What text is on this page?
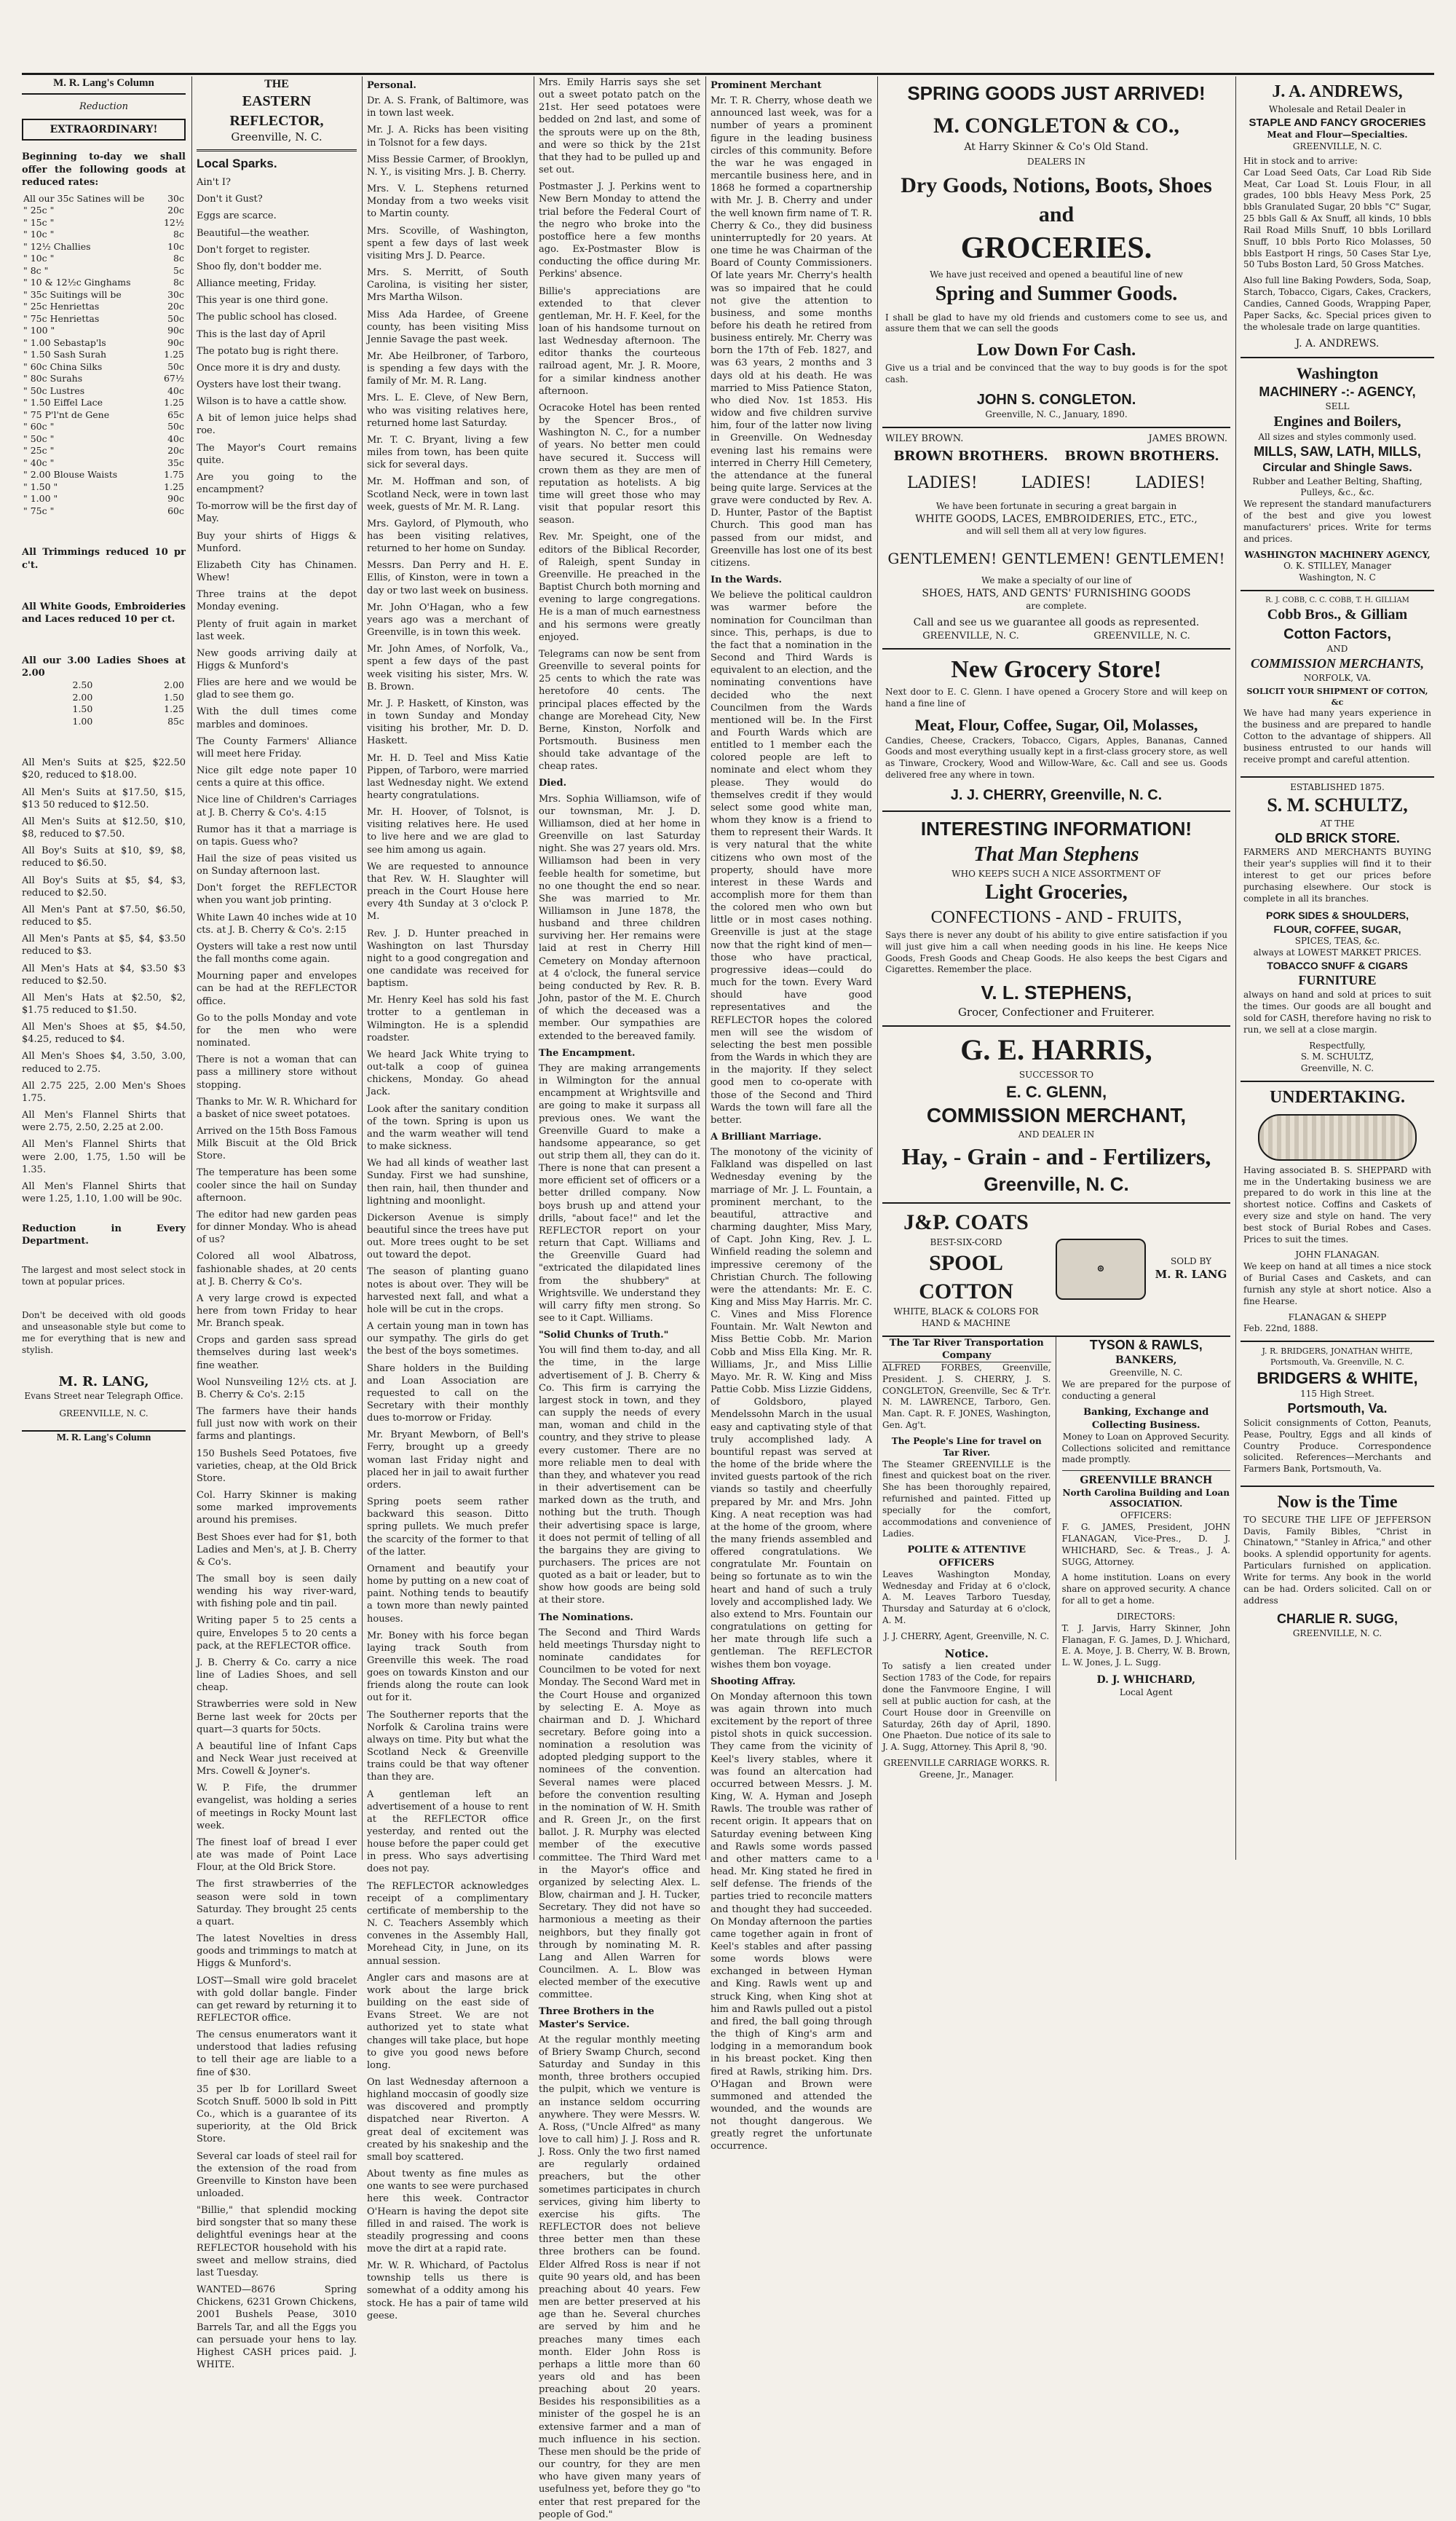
M. R. Lang's Column
Reduction
EXTRAORDINARY!

Beginning to-day we shall offer the following goods at reduced rates:

All our 35c Satines will be	30c
" 25c "	20c
" 15c "	12½
" 10c "	8c
" 12½ Challies	10c
" 10c "	8c
" 8c "	5c
" 10 & 12½c Ginghams	8c
" 35c Suitings will be	30c
" 25c Henriettas	20c
" 75c Henriettas	50c
" 100 "	90c
" 1.00 Sebastap'ls	90c
" 1.50 Sash Surah	1.25
" 60c China Silks	50c
" 80c Surahs	67½
" 50c Lustres	40c
" 1.50 Eiffel Lace	1.25
" 75 P'l'nt de Gene	65c
" 60c "	50c
" 50c "	40c
" 25c "	20c
" 40c "	35c
" 2.00 Blouse Waists	1.75
" 1.50 "	1.25
" 1.00 "	90c
" 75c "	60c

All Trimmings reduced 10 pr c't.

All White Goods, Embroideries and Laces reduced 10 per ct.

All our 3.00 Ladies Shoes at 2.00

2.50	2.00
2.00	1.50
1.50	1.25
1.00	85c

All Men's Suits at $25, $22.50 $20, reduced to $18.00.

All Men's Suits at $17.50, $15, $13 50 reduced to $12.50.

All Men's Suits at $12.50, $10, $8, reduced to $7.50.

All Boy's Suits at $10, $9, $8, reduced to $6.50.

All Boy's Suits at $5, $4, $3, reduced to $2.50.

All Men's Pant at $7.50, $6.50, reduced to $5.

All Men's Pants at $5, $4, $3.50 reduced to $3.

All Men's Hats at $4, $3.50 $3 reduced to $2.50.

All Men's Hats at $2.50, $2, $1.75 reduced to $1.50.

All Men's Shoes at $5, $4.50, $4.25, reduced to $4.

All Men's Shoes $4, 3.50, 3.00, reduced to 2.75.

All 2.75 225, 2.00 Men's Shoes 1.75.

All Men's Flannel Shirts that were 2.75, 2.50, 2.25 at 2.00.

All Men's Flannel Shirts that were 2.00, 1.75, 1.50 will be 1.35.

All Men's Flannel Shirts that were 1.25, 1.10, 1.00 will be 90c.

Reduction in Every Department.

The largest and most select stock in town at popular prices.

Don't be deceived with old goods and unseasonable style but come to me for everything that is new and stylish.

M. R. LANG,
Evans Street near Telegraph Office.
GREENVILLE, N. C.
M. R. Lang's Column
THE
EASTERN REFLECTOR,
Greenville, N. C.
Local Sparks.

Ain't I?

Don't it Gust?

Eggs are scarce.

Beautiful—the weather.

Don't forget to register.

Shoo fly, don't bodder me.

Alliance meeting, Friday.

This year is one third gone.

The public school has closed.

This is the last day of April

The potato bug is right there.

Once more it is dry and dusty.

Oysters have lost their twang.

Wilson is to have a cattle show.

A bit of lemon juice helps shad roe.

The Mayor's Court remains quite.

Are you going to the encampment?

To-morrow will be the first day of May.

Buy your shirts of Higgs & Munford.

Elizabeth City has Chinamen. Whew!

Three trains at the depot Monday evening.

Plenty of fruit again in market last week.

New goods arriving daily at Higgs & Munford's

Flies are here and we would be glad to see them go.

With the dull times come marbles and dominoes.

The County Farmers' Alliance will meet here Friday.

Nice gilt edge note paper 10 cents a quire at this office.

Nice line of Children's Carriages at J. B. Cherry & Co's. 4:15

Rumor has it that a marriage is on tapis. Guess who?

Hail the size of peas visited us on Sunday afternoon last.

Don't forget the REFLECTOR when you want job printing.

White Lawn 40 inches wide at 10 cts. at J. B. Cherry & Co's. 2:15

Oysters will take a rest now until the fall months come again.

Mourning paper and envelopes can be had at the REFLECTOR office.

Go to the polls Monday and vote for the men who were nominated.

There is not a woman that can pass a millinery store without stopping.

Thanks to Mr. W. R. Whichard for a basket of nice sweet potatoes.

Arrived on the 15th Boss Famous Milk Biscuit at the Old Brick Store.

The temperature has been some cooler since the hail on Sunday afternoon.

The editor had new garden peas for dinner Monday. Who is ahead of us?

Colored all wool Albatross, fashionable shades, at 20 cents at J. B. Cherry & Co's.

A very large crowd is expected here from town Friday to hear Mr. Branch speak.

Crops and garden sass spread themselves during last week's fine weather.

Wool Nunsveiling 12½ cts. at J. B. Cherry & Co's. 2:15

The farmers have their hands full just now with work on their farms and plantings.

150 Bushels Seed Potatoes, five varieties, cheap, at the Old Brick Store.

Col. Harry Skinner is making some marked improvements around his premises.

Best Shoes ever had for $1, both Ladies and Men's, at J. B. Cherry & Co's.

The small boy is seen daily wending his way river-ward, with fishing pole and tin pail.

Writing paper 5 to 25 cents a quire, Envelopes 5 to 20 cents a pack, at the REFLECTOR office.

J. B. Cherry & Co. carry a nice line of Ladies Shoes, and sell cheap.

Strawberries were sold in New Berne last week for 20cts per quart—3 quarts for 50cts.

A beautiful line of Infant Caps and Neck Wear just received at Mrs. Cowell & Joyner's.

W. P. Fife, the drummer evangelist, was holding a series of meetings in Rocky Mount last week.

The finest loaf of bread I ever ate was made of Point Lace Flour, at the Old Brick Store.

The first strawberries of the season were sold in town Saturday. They brought 25 cents a quart.

The latest Novelties in dress goods and trimmings to match at Higgs & Munford's.

LOST—Small wire gold bracelet with gold dollar bangle. Finder can get reward by returning it to REFLECTOR office.

The census enumerators want it understood that ladies refusing to tell their age are liable to a fine of $30.

35 per lb for Lorillard Sweet Scotch Snuff. 5000 lb sold in Pitt Co., which is a guarantee of its superiority, at the Old Brick Store.

Several car loads of steel rail for the extension of the road from Greenville to Kinston have been unloaded.

"Billie," that splendid mocking bird songster that so many these delightful evenings hear at the REFLECTOR household with his sweet and mellow strains, died last Tuesday.

WANTED—8676 Spring Chickens, 6231 Grown Chickens, 2001 Bushels Pease, 3010 Barrels Tar, and all the Eggs you can persuade your hens to lay. Highest CASH prices paid. J. WHITE.

Personal.

Dr. A. S. Frank, of Baltimore, was in town last week.

Mr. J. A. Ricks has been visiting in Tolsnot for a few days.

Miss Bessie Carmer, of Brooklyn, N. Y., is visiting Mrs. J. B. Cherry.

Mrs. V. L. Stephens returned Monday from a two weeks visit to Martin county.

Mrs. Scoville, of Washington, spent a few days of last week visiting Mrs J. D. Pearce.

Mrs. S. Merritt, of South Carolina, is visiting her sister, Mrs Martha Wilson.

Miss Ada Hardee, of Greene county, has been visiting Miss Jennie Savage the past week.

Mr. Abe Heilbroner, of Tarboro, is spending a few days with the family of Mr. M. R. Lang.

Mrs. L. E. Cleve, of New Bern, who was visiting relatives here, returned home last Saturday.

Mr. T. C. Bryant, living a few miles from town, has been quite sick for several days.

Mr. M. Hoffman and son, of Scotland Neck, were in town last week, guests of Mr. M. R. Lang.

Mrs. Gaylord, of Plymouth, who has been visiting relatives, returned to her home on Sunday.

Messrs. Dan Perry and H. E. Ellis, of Kinston, were in town a day or two last week on business.

Mr. John O'Hagan, who a few years ago was a merchant of Greenville, is in town this week.

Mr. John Ames, of Norfolk, Va., spent a few days of the past week visiting his sister, Mrs. W. B. Brown.

Mr. J. P. Haskett, of Kinston, was in town Sunday and Monday visiting his brother, Mr. D. D. Haskett.

Mr. H. D. Teel and Miss Katie Pippen, of Tarboro, were married last Wednesday night. We extend hearty congratulations.

Mr. H. Hoover, of Tolsnot, is visiting relatives here. He used to live here and we are glad to see him among us again.

We are requested to announce that Rev. W. H. Slaughter will preach in the Court House here every 4th Sunday at 3 o'clock P. M.

Rev. J. D. Hunter preached in Washington on last Thursday night to a good congregation and one candidate was received for baptism.

Mr. Henry Keel has sold his fast trotter to a gentleman in Wilmington. He is a splendid roadster.

We heard Jack White trying to out-talk a coop of guinea chickens, Monday. Go ahead Jack.

Look after the sanitary condition of the town. Spring is upon us and the warm weather will tend to make sickness.

We had all kinds of weather last Sunday. First we had sunshine, then rain, hail, then thunder and lightning and moonlight.

Dickerson Avenue is simply beautiful since the trees have put out. More trees ought to be set out toward the depot.

The season of planting guano notes is about over. They will be harvested next fall, and what a hole will be cut in the crops.

A certain young man in town has our sympathy. The girls do get the best of the boys sometimes.

Share holders in the Building and Loan Association are requested to call on the Secretary with their monthly dues to-morrow or Friday.

Mr. Bryant Mewborn, of Bell's Ferry, brought up a greedy woman last Friday night and placed her in jail to await further orders.

Spring poets seem rather backward this season. Ditto spring pullets. We much prefer the scarcity of the former to that of the latter.

Ornament and beautify your home by putting on a new coat of paint. Nothing tends to beautify a town more than newly painted houses.

Mr. Boney with his force began laying track South from Greenville this week. The road goes on towards Kinston and our friends along the route can look out for it.

The Southerner reports that the Norfolk & Carolina trains were always on time. Pity but what the Scotland Neck & Greenville trains could be that way oftener than they are.

A gentleman left an advertisement of a house to rent at the REFLECTOR office yesterday, and rented out the house before the paper could get in press. Who says advertising does not pay.

The REFLECTOR acknowledges receipt of a complimentary certificate of membership to the N. C. Teachers Assembly which convenes in the Assembly Hall, Morehead City, in June, on its annual session.

Angler cars and masons are at work about the large brick building on the east side of Evans Street. We are not authorized yet to state what changes will take place, but hope to give you good news before long.

On last Wednesday afternoon a highland moccasin of goodly size was discovered and promptly dispatched near Riverton. A great deal of excitement was created by his snakeship and the small boy scattered.

About twenty as fine mules as one wants to see were purchased here this week. Contractor O'Hearn is having the depot site filled in and raised. The work is steadily progressing and coons move the dirt at a rapid rate.

Mr. W. R. Whichard, of Pactolus township tells us there is somewhat of a oddity among his stock. He has a pair of tame wild geese.

Mrs. Emily Harris says she set out a sweet potato patch on the 21st. Her seed potatoes were bedded on 2nd last, and some of the sprouts were up on the 8th, and were so thick by the 21st that they had to be pulled up and set out.

Postmaster J. J. Perkins went to New Bern Monday to attend the trial before the Federal Court of the negro who broke into the postoffice here a few months ago. Ex-Postmaster Blow is conducting the office during Mr. Perkins' absence.

Billie's appreciations are extended to that clever gentleman, Mr. H. F. Keel, for the loan of his handsome turnout on last Wednesday afternoon. The editor thanks the courteous railroad agent, Mr. J. R. Moore, for a similar kindness another afternoon.

Ocracoke Hotel has been rented by the Spencer Bros., of Washington N. C., for a number of years. No better men could have secured it. Success will crown them as they are men of reputation as hotelists. A big time will greet those who may visit that popular resort this season.

Rev. Mr. Speight, one of the editors of the Biblical Recorder, of Raleigh, spent Sunday in Greenville. He preached in the Baptist Church both morning and evening to large congregations. He is a man of much earnestness and his sermons were greatly enjoyed.

Telegrams can now be sent from Greenville to several points for 25 cents to which the rate was heretofore 40 cents. The principal places effected by the change are Morehead City, New Berne, Kinston, Norfolk and Portsmouth. Business men should take advantage of the cheap rates.

Died.

Mrs. Sophia Williamson, wife of our townsman, Mr. J. D. Williamson, died at her home in Greenville on last Saturday night. She was 27 years old. Mrs. Williamson had been in very feeble health for sometime, but no one thought the end so near. She was married to Mr. Williamson in June 1878, the husband and three children surviving her. Her remains were laid at rest in Cherry Hill Cemetery on Monday afternoon at 4 o'clock, the funeral service being conducted by Rev. R. B. John, pastor of the M. E. Church of which the deceased was a member. Our sympathies are extended to the bereaved family.

The Encampment.

They are making arrangements in Wilmington for the annual encampment at Wrightsville and are going to make it surpass all previous ones. We want the Greenville Guard to make a handsome appearance, so get out strip them all, they can do it. There is none that can present a more efficient set of officers or a better drilled company. Now boys brush up and attend your drills, "about face!" and let the REFLECTOR report on your return that Capt. Williams and the Greenville Guard had "extricated the dilapidated lines from the shubbery" at Wrightsville. We understand they will carry fifty men strong. So see to it Capt. Williams.

"Solid Chunks of Truth."

You will find them to-day, and all the time, in the large advertisement of J. B. Cherry & Co. This firm is carrying the largest stock in town, and they can supply the needs of every man, woman and child in the country, and they strive to please every customer. There are no more reliable men to deal with than they, and whatever you read in their advertisement can be marked down as the truth, and nothing but the truth. Though their advertising space is large, it does not permit of telling of all the bargains they are giving to purchasers. The prices are not quoted as a bait or leader, but to show how goods are being sold at their store.

The Nominations.

The Second and Third Wards held meetings Thursday night to nominate candidates for Councilmen to be voted for next Monday. The Second Ward met in the Court House and organized by selecting E. A. Moye as chairman and D. J. Whichard secretary. Before going into a nomination a resolution was adopted pledging support to the nominees of the convention. Several names were placed before the convention resulting in the nomination of W. H. Smith and R. Green Jr., on the first ballot. J. R. Murphy was elected member of the executive committee. The Third Ward met in the Mayor's office and organized by selecting Alex. L. Blow, chairman and J. H. Tucker, Secretary. They did not have so harmonious a meeting as their neighbors, but they finally got through by nominating M. R. Lang and Allen Warren for Councilmen. A. L. Blow was elected member of the executive committee.

Three Brothers in the Master's Service.

At the regular monthly meeting of Briery Swamp Church, second Saturday and Sunday in this month, three brothers occupied the pulpit, which we venture is an instance seldom occurring anywhere. They were Messrs. W. A. Ross, ("Uncle Alfred" as many love to call him) J. J. Ross and R. J. Ross. Only the two first named are regularly ordained preachers, but the other sometimes participates in church services, giving him liberty to exercise his gifts. The REFLECTOR does not believe three better men than these three brothers can be found. Elder Alfred Ross is near if not quite 90 years old, and has been preaching about 40 years. Few men are better preserved at his age than he. Several churches are served by him and he preaches many times each month. Elder John Ross is perhaps a little more than 60 years old and has been preaching about 20 years. Besides his responsibilities as a minister of the gospel he is an extensive farmer and a man of much influence in his section. These men should be the pride of our country, for they are men who have given many years of usefulness yet, before they go "to enter that rest prepared for the people of God."

Prominent Merchant

Mr. T. R. Cherry, whose death we announced last week, was for a number of years a prominent figure in the leading business circles of this community. Before the war he was engaged in mercantile business here, and in 1868 he formed a copartnership with Mr. J. B. Cherry and under the well known firm name of T. R. Cherry & Co., they did business uninterruptedly for 20 years. At one time he was Chairman of the Board of County Commissioners. Of late years Mr. Cherry's health was so impaired that he could not give the attention to business, and some months before his death he retired from business entirely. Mr. Cherry was born the 17th of Feb. 1827, and was 63 years, 2 months and 3 days old at his death. He was married to Miss Patience Staton, who died Nov. 1st 1853. His widow and five children survive him, four of the latter now living in Greenville. On Wednesday evening last his remains were interred in Cherry Hill Cemetery, the attendance at the funeral being quite large. Services at the grave were conducted by Rev. A. D. Hunter, Pastor of the Baptist Church. This good man has passed from our midst, and Greenville has lost one of its best citizens.

In the Wards.

We believe the political cauldron was warmer before the nomination for Councilman than since. This, perhaps, is due to the fact that a nomination in the Second and Third Wards is equivalent to an election, and the nominating conventions have decided who the next Councilmen from the Wards mentioned will be. In the First and Fourth Wards which are entitled to 1 member each the colored people are left to nominate and elect whom they please. They would do themselves credit if they would select some good white man, whom they know is a friend to them to represent their Wards. It is very natural that the white citizens who own most of the property, should have more interest in these Wards and accomplish more for them than the colored men who own but little or in most cases nothing. Greenville is just at the stage now that the right kind of men—those who have practical, progressive ideas—could do much for the town. Every Ward should have good representatives and the REFLECTOR hopes the colored men will see the wisdom of selecting the best men possible from the Wards in which they are in the majority. If they select good men to co-operate with those of the Second and Third Wards the town will fare all the better.

A Brilliant Marriage.

The monotony of the vicinity of Falkland was dispelled on last Wednesday evening by the marriage of Mr. J. L. Fountain, a prominent merchant, to the beautiful, attractive and charming daughter, Miss Mary, of Capt. John King, Rev. J. L. Winfield reading the solemn and impressive ceremony of the Christian Church. The following were the attendants: Mr. E. C. King and Miss May Harris. Mr. C. C. Vines and Miss Florence Fountain. Mr. Walt Newton and Miss Bettie Cobb. Mr. Marion Cobb and Miss Ella King. Mr. R. Williams, Jr., and Miss Lillie Mayo. Mr. R. W. King and Miss Pattie Cobb. Miss Lizzie Giddens, of Goldsboro, played Mendelssohn March in the usual easy and captivating style of that truly accomplished lady. A bountiful repast was served at the home of the bride where the invited guests partook of the rich viands so tastily and cheerfully prepared by Mr. and Mrs. John King. A neat reception was had at the home of the groom, where the many friends assembled and offered congratulations. We congratulate Mr. Fountain on being so fortunate as to win the heart and hand of such a truly lovely and accomplished lady. We also extend to Mrs. Fountain our congratulations on getting for her mate through life such a gentleman. The REFLECTOR wishes them bon voyage.

Shooting Affray.

On Monday afternoon this town was again thrown into much excitement by the report of three pistol shots in quick succession. They came from the vicinity of Keel's livery stables, where it was found an altercation had occurred between Messrs. J. M. King, W. A. Hyman and Joseph Rawls. The trouble was rather of recent origin. It appears that on Saturday evening between King and Rawls some words passed and other matters came to a head. Mr. King stated he fired in self defense. The friends of the parties tried to reconcile matters and thought they had succeeded. On Monday afternoon the parties came together again in front of Keel's stables and after passing some words blows were exchanged in between Hyman and King. Rawls went up and struck King, when King shot at him and Rawls pulled out a pistol and fired, the ball going through the thigh of King's arm and lodging in a memorandum book in his breast pocket. King then fired at Rawls, striking him. Drs. O'Hagan and Brown were summoned and attended the wounded, and the wounds are not thought dangerous. We greatly regret the unfortunate occurrence.

SPRING GOODS JUST ARRIVED!
M. CONGLETON & CO.,
At Harry Skinner & Co's Old Stand.
DEALERS IN
Dry Goods, Notions, Boots, Shoes and
GROCERIES.
We have just received and opened a beautiful line of new
Spring and Summer Goods.

I shall be glad to have my old friends and customers come to see us, and assure them that we can sell the goods

Low Down For Cash.

Give us a trial and be convinced that the way to buy goods is for the spot cash.

JOHN S. CONGLETON.
Greenville, N. C., January, 1890.
WILEY BROWN.	JAMES BROWN.
BROWN BROTHERS. BROWN BROTHERS.
LADIES!	LADIES!	LADIES!
We have been fortunate in securing a great bargain in
WHITE GOODS, LACES, EMBROIDERIES, ETC., ETC.,
and will sell them all at very low figures.
GENTLEMEN! GENTLEMEN! GENTLEMEN!
We make a specialty of our line of
SHOES, HATS, AND GENTS' FURNISHING GOODS
are complete.
Call and see us we guarantee all goods as represented.
GREENVILLE, N. C.	GREENVILLE, N. C.
New Grocery Store!

Next door to E. C. Glenn. I have opened a Grocery Store and will keep on hand a fine line of

Meat, Flour, Coffee, Sugar, Oil, Molasses,

Candies, Cheese, Crackers, Tobacco, Cigars, Apples, Bananas, Canned Goods and most everything usually kept in a first-class grocery store, as well as Tinware, Crockery, Wood and Willow-Ware, &c. Call and see us. Goods delivered free any where in town.

J. J. CHERRY, Greenville, N. C.
INTERESTING INFORMATION!
That Man Stephens
WHO KEEPS SUCH A NICE ASSORTMENT OF
Light Groceries,
CONFECTIONS - AND - FRUITS,

Says there is never any doubt of his ability to give entire satisfaction if you will just give him a call when needing goods in his line. He keeps Nice Goods, Fresh Goods and Cheap Goods. He also keeps the best Cigars and Cigarettes. Remember the place.

V. L. STEPHENS,
Grocer, Confectioner and Fruiterer.
G. E. HARRIS,
SUCCESSOR TO
E. C. GLENN,
COMMISSION MERCHANT,
AND DEALER IN
Hay, - Grain - and - Fertilizers,
Greenville, N. C.
J&P. COATS
BEST-SIX-CORD
SPOOL COTTON
WHITE, BLACK & COLORS FOR HAND & MACHINE
⊚
SOLD BY
M. R. LANG
The Tar River Transportation Company

ALFRED FORBES, Greenville, President. J. S. CHERRY, J. S. CONGLETON, Greenville, Sec & Tr'r. N. M. LAWRENCE, Tarboro, Gen. Man. Capt. R. F. JONES, Washington, Gen. Ag't.

The People's Line for travel on Tar River.

The Steamer GREENVILLE is the finest and quickest boat on the river. She has been thoroughly repaired, refurnished and painted. Fitted up specially for the comfort, accommodations and convenience of Ladies.

POLITE & ATTENTIVE OFFICERS

Leaves Washington Monday, Wednesday and Friday at 6 o'clock, A. M. Leaves Tarboro Tuesday, Thursday and Saturday at 6 o'clock, A. M.

J. J. CHERRY, Agent, Greenville, N. C.
Notice.

To satisfy a lien created under Section 1783 of the Code, for repairs done the Fanvmoore Engine, I will sell at public auction for cash, at the Court House door in Greenville on Saturday, 26th day of April, 1890. One Phaeton. Due notice of its sale to J. A. Sugg, Attorney. This April 8, '90.

GREENVILLE CARRIAGE WORKS. R. Greene, Jr., Manager.
TYSON & RAWLS,
BANKERS,
Greenville, N. C.

We are prepared for the purpose of conducting a general

Banking, Exchange and Collecting Business.
Money to Loan on Approved Security.

Collections solicited and remittance made promptly.

GREENVILLE BRANCH
North Carolina Building and Loan ASSOCIATION.
OFFICERS:

F. G. JAMES, President, JOHN FLANAGAN, Vice-Pres., D. J. WHICHARD, Sec. & Treas., J. A. SUGG, Attorney.

A home institution. Loans on every share on approved security. A chance for all to get a home.

DIRECTORS:

T. J. Jarvis, Harry Skinner, John Flanagan, F. G. James, D. J. Whichard, E. A. Moye, J. B. Cherry, W. B. Brown, L. W. Jones, J. L. Sugg.

D. J. WHICHARD,
Local Agent
J. A. ANDREWS,
Wholesale and Retail Dealer in
STAPLE AND FANCY GROCERIES
Meat and Flour—Specialties.
GREENVILLE, N. C.
Hit in stock and to arrive:

Car Load Seed Oats, Car Load Rib Side Meat, Car Load St. Louis Flour, in all grades, 100 bbls Heavy Mess Pork, 25 bbls Granulated Sugar, 20 bbls "C" Sugar, 25 bbls Gall & Ax Snuff, all kinds, 10 bbls Rail Road Mills Snuff, 10 bbls Lorillard Snuff, 10 bbls Porto Rico Molasses, 50 bbls Eastport H rings, 50 Cases Star Lye, 50 Tubs Boston Lard, 50 Gross Matches.

Also full line Baking Powders, Soda, Soap, Starch, Tobacco, Cigars, Cakes, Crackers, Candies, Canned Goods, Wrapping Paper, Paper Sacks, &c. Special prices given to the wholesale trade on large quantities.

J. A. ANDREWS.
Washington
MACHINERY -:- AGENCY,
SELL
Engines and Boilers,
All sizes and styles commonly used.
MILLS, SAW, LATH, MILLS,
Circular and Shingle Saws.
Rubber and Leather Belting, Shafting, Pulleys, &c., &c.

We represent the standard manufacturers of the best and give you lowest manufacturers' prices. Write for terms and prices.

WASHINGTON MACHINERY AGENCY,
O. K. STILLEY, Manager
Washington, N. C
R. J. COBB, C. C. COBB, T. H. GILLIAM
Cobb Bros., & Gilliam
Cotton Factors,
AND
COMMISSION MERCHANTS,
NORFOLK, VA.
SOLICIT YOUR SHIPMENT OF COTTON, &c

We have had many years experience in the business and are prepared to handle Cotton to the advantage of shippers. All business entrusted to our hands will receive prompt and careful attention.

ESTABLISHED 1875.
S. M. SCHULTZ,
AT THE
OLD BRICK STORE.

FARMERS AND MERCHANTS BUYING their year's supplies will find it to their interest to get our prices before purchasing elsewhere. Our stock is complete in all its branches.

PORK SIDES & SHOULDERS,
FLOUR, COFFEE, SUGAR,
SPICES, TEAS, &c.
always at LOWEST MARKET PRICES.
TOBACCO SNUFF & CIGARS
FURNITURE

always on hand and sold at prices to suit the times. Our goods are all bought and sold for CASH, therefore having no risk to run, we sell at a close margin.

Respectfully,
S. M. SCHULTZ,
Greenville, N. C.
UNDERTAKING.

Having associated B. S. SHEPPARD with me in the Undertaking business we are prepared to do work in this line at the shortest notice. Coffins and Caskets of every size and style on hand. The very best stock of Burial Robes and Cases. Prices to suit the times.

JOHN FLANAGAN.

We keep on hand at all times a nice stock of Burial Cases and Caskets, and can furnish any style at short notice. Also a fine Hearse.

FLANAGAN & SHEPP
Feb. 22nd, 1888.
J. R. BRIDGERS, JONATHAN WHITE,
Portsmouth, Va. Greenville, N. C.
BRIDGERS & WHITE,
115 High Street.
Portsmouth, Va.

Solicit consignments of Cotton, Peanuts, Pease, Poultry, Eggs and all kinds of Country Produce. Correspondence solicited. References—Merchants and Farmers Bank, Portsmouth, Va.

Now is the Time

TO SECURE THE LIFE OF JEFFERSON Davis, Family Bibles, "Christ in Chinatown," "Stanley in Africa," and other books. A splendid opportunity for agents. Particulars furnished on application. Write for terms. Any book in the world can be had. Orders solicited. Call on or address

CHARLIE R. SUGG,
GREENVILLE, N. C.
